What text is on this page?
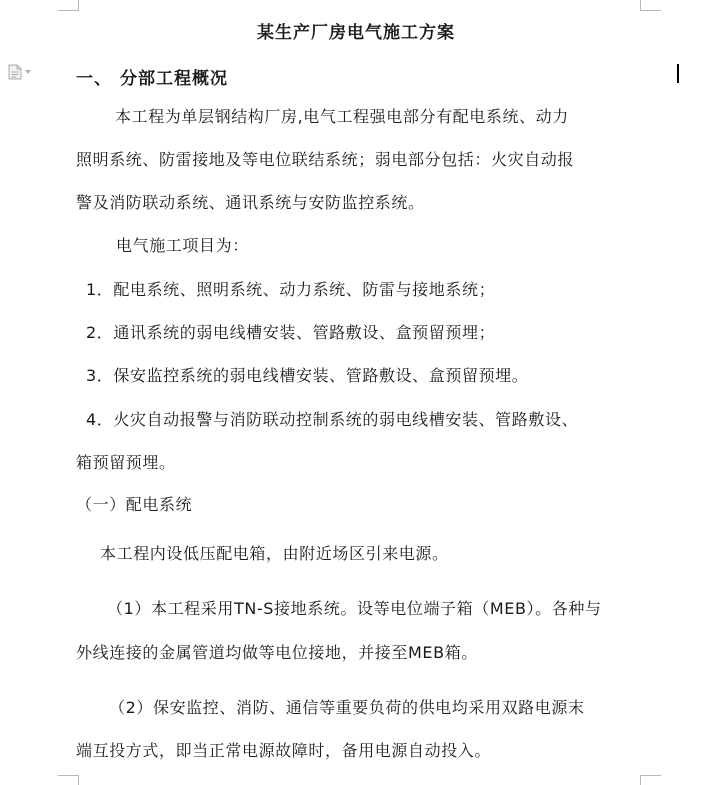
某生产厂房电气施工方案
一、 分部工程概况
本工程为单层钢结构厂房,电气工程强电部分有配电系统、动力
照明系统、防雷接地及等电位联结系统；弱电部分包括：火灾自动报
警及消防联动系统、通讯系统与安防监控系统。
电气施工项目为：
1．配电系统、照明系统、动力系统、防雷与接地系统；
2．通讯系统的弱电线槽安装、管路敷设、盒预留预埋；
3．保安监控系统的弱电线槽安装、管路敷设、盒预留预埋。
4．火灾自动报警与消防联动控制系统的弱电线槽安装、管路敷设、
箱预留预埋。
（一）配电系统
本工程内设低压配电箱，由附近场区引来电源。
（1）本工程采用TN-S接地系统。设等电位端子箱（MEB）。各种与
外线连接的金属管道均做等电位接地，并接至MEB箱。
（2）保安监控、消防、通信等重要负荷的供电均采用双路电源末
端互投方式，即当正常电源故障时，备用电源自动投入。
